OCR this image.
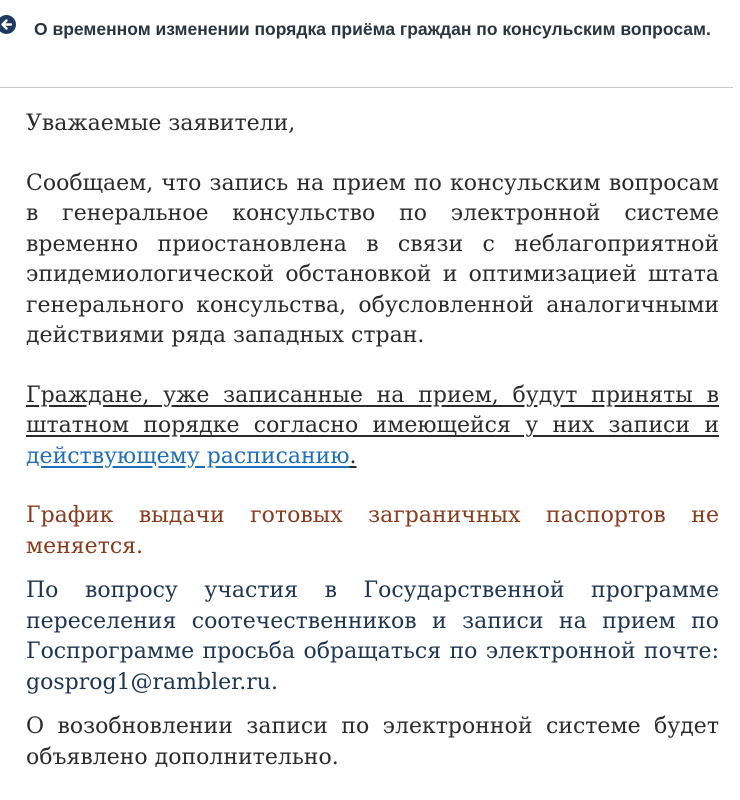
О временном изменении порядка приёма граждан по консульским вопросам.

Уважаемые заявители,

Сообщаем, что запись на прием по консульским вопросам в генеральное консульство по электронной системе временно приостановлена в связи с неблагоприятной эпидемиологической обстановкой и оптимизацией штата генерального консульства, обусловленной аналогичными действиями ряда западных стран.

Граждане, уже записанные на прием, будут приняты в штатном порядке согласно имеющейся у них записи и действующему расписанию.

График выдачи готовых заграничных паспортов не меняется.

По вопросу участия в Государственной программе переселения соотечественников и записи на прием по Госпрограмме просьба обращаться по электронной почте: gosprog1@rambler.ru.

О возобновлении записи по электронной системе будет объявлено дополнительно.
